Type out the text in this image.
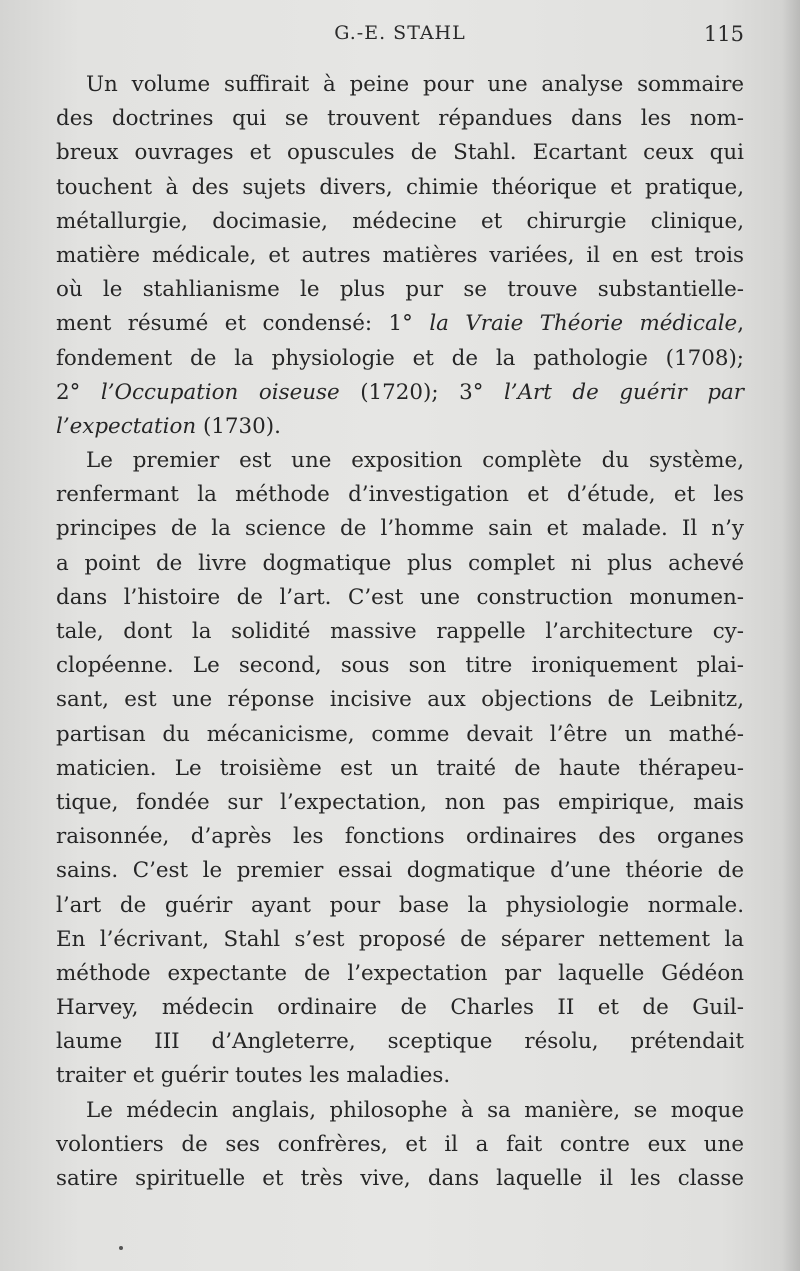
G.-E. STAHL	115
Un volume suffirait à peine pour une analyse sommaire
des doctrines qui se trouvent répandues dans les nom-
breux ouvrages et opuscules de Stahl. Ecartant ceux qui
touchent à des sujets divers, chimie théorique et pratique,
métallurgie, docimasie, médecine et chirurgie clinique,
matière médicale, et autres matières variées, il en est trois
où le stahlianisme le plus pur se trouve substantielle-
ment résumé et condensé: 1° la Vraie Théorie médicale,
fondement de la physiologie et de la pathologie (1708);
2° l’Occupation oiseuse (1720); 3° l’Art de guérir par
l’expectation (1730).
Le premier est une exposition complète du système,
renfermant la méthode d’investigation et d’étude, et les
principes de la science de l’homme sain et malade. Il n’y
a point de livre dogmatique plus complet ni plus achevé
dans l’histoire de l’art. C’est une construction monumen-
tale, dont la solidité massive rappelle l’architecture cy-
clopéenne. Le second, sous son titre ironiquement plai-
sant, est une réponse incisive aux objections de Leibnitz,
partisan du mécanicisme, comme devait l’être un mathé-
maticien. Le troisième est un traité de haute thérapeu-
tique, fondée sur l’expectation, non pas empirique, mais
raisonnée, d’après les fonctions ordinaires des organes
sains. C’est le premier essai dogmatique d’une théorie de
l’art de guérir ayant pour base la physiologie normale.
En l’écrivant, Stahl s’est proposé de séparer nettement la
méthode expectante de l’expectation par laquelle Gédéon
Harvey, médecin ordinaire de Charles II et de Guil-
laume III d’Angleterre, sceptique résolu, prétendait
traiter et guérir toutes les maladies.
Le médecin anglais, philosophe à sa manière, se moque
volontiers de ses confrères, et il a fait contre eux une
satire spirituelle et très vive, dans laquelle il les classe
